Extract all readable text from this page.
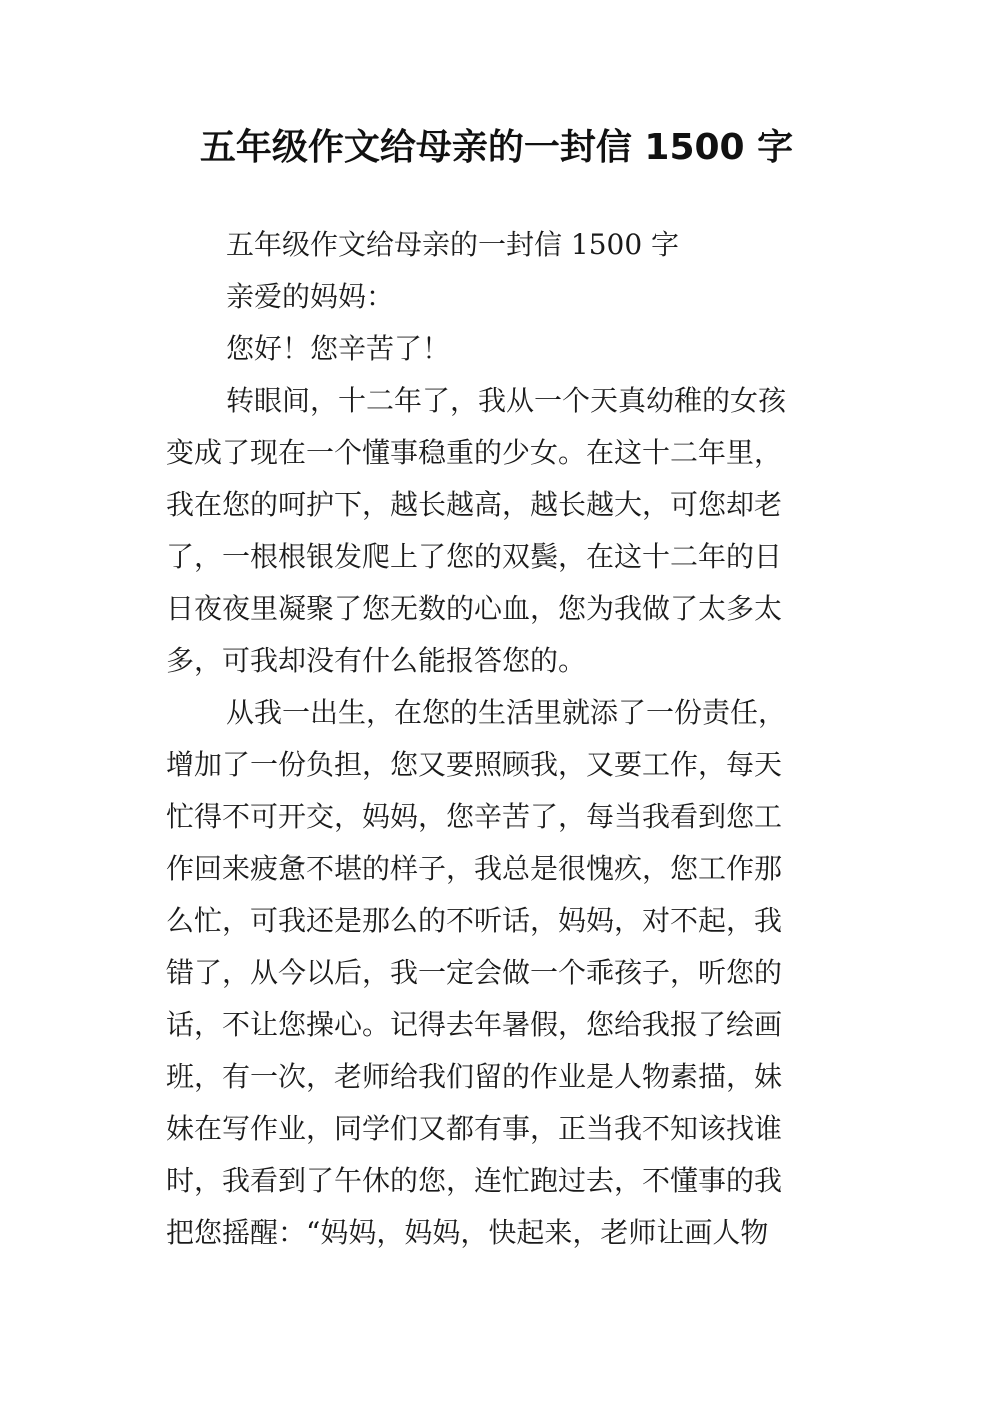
五年级作文给母亲的一封信 1500 字
五年级作文给母亲的一封信 1500 字
亲爱的妈妈：
您好！您辛苦了！
转眼间，十二年了，我从一个天真幼稚的女孩
变成了现在一个懂事稳重的少女。在这十二年里，
我在您的呵护下，越长越高，越长越大，可您却老
了，一根根银发爬上了您的双鬓，在这十二年的日
日夜夜里凝聚了您无数的心血，您为我做了太多太
多，可我却没有什么能报答您的。
从我一出生，在您的生活里就添了一份责任，
增加了一份负担，您又要照顾我，又要工作，每天
忙得不可开交，妈妈，您辛苦了，每当我看到您工
作回来疲惫不堪的样子，我总是很愧疚，您工作那
么忙，可我还是那么的不听话，妈妈，对不起，我
错了，从今以后，我一定会做一个乖孩子，听您的
话，不让您操心。记得去年暑假，您给我报了绘画
班，有一次，老师给我们留的作业是人物素描，妹
妹在写作业，同学们又都有事，正当我不知该找谁
时，我看到了午休的您，连忙跑过去，不懂事的我
把您摇醒：“妈妈，妈妈，快起来，老师让画人物
